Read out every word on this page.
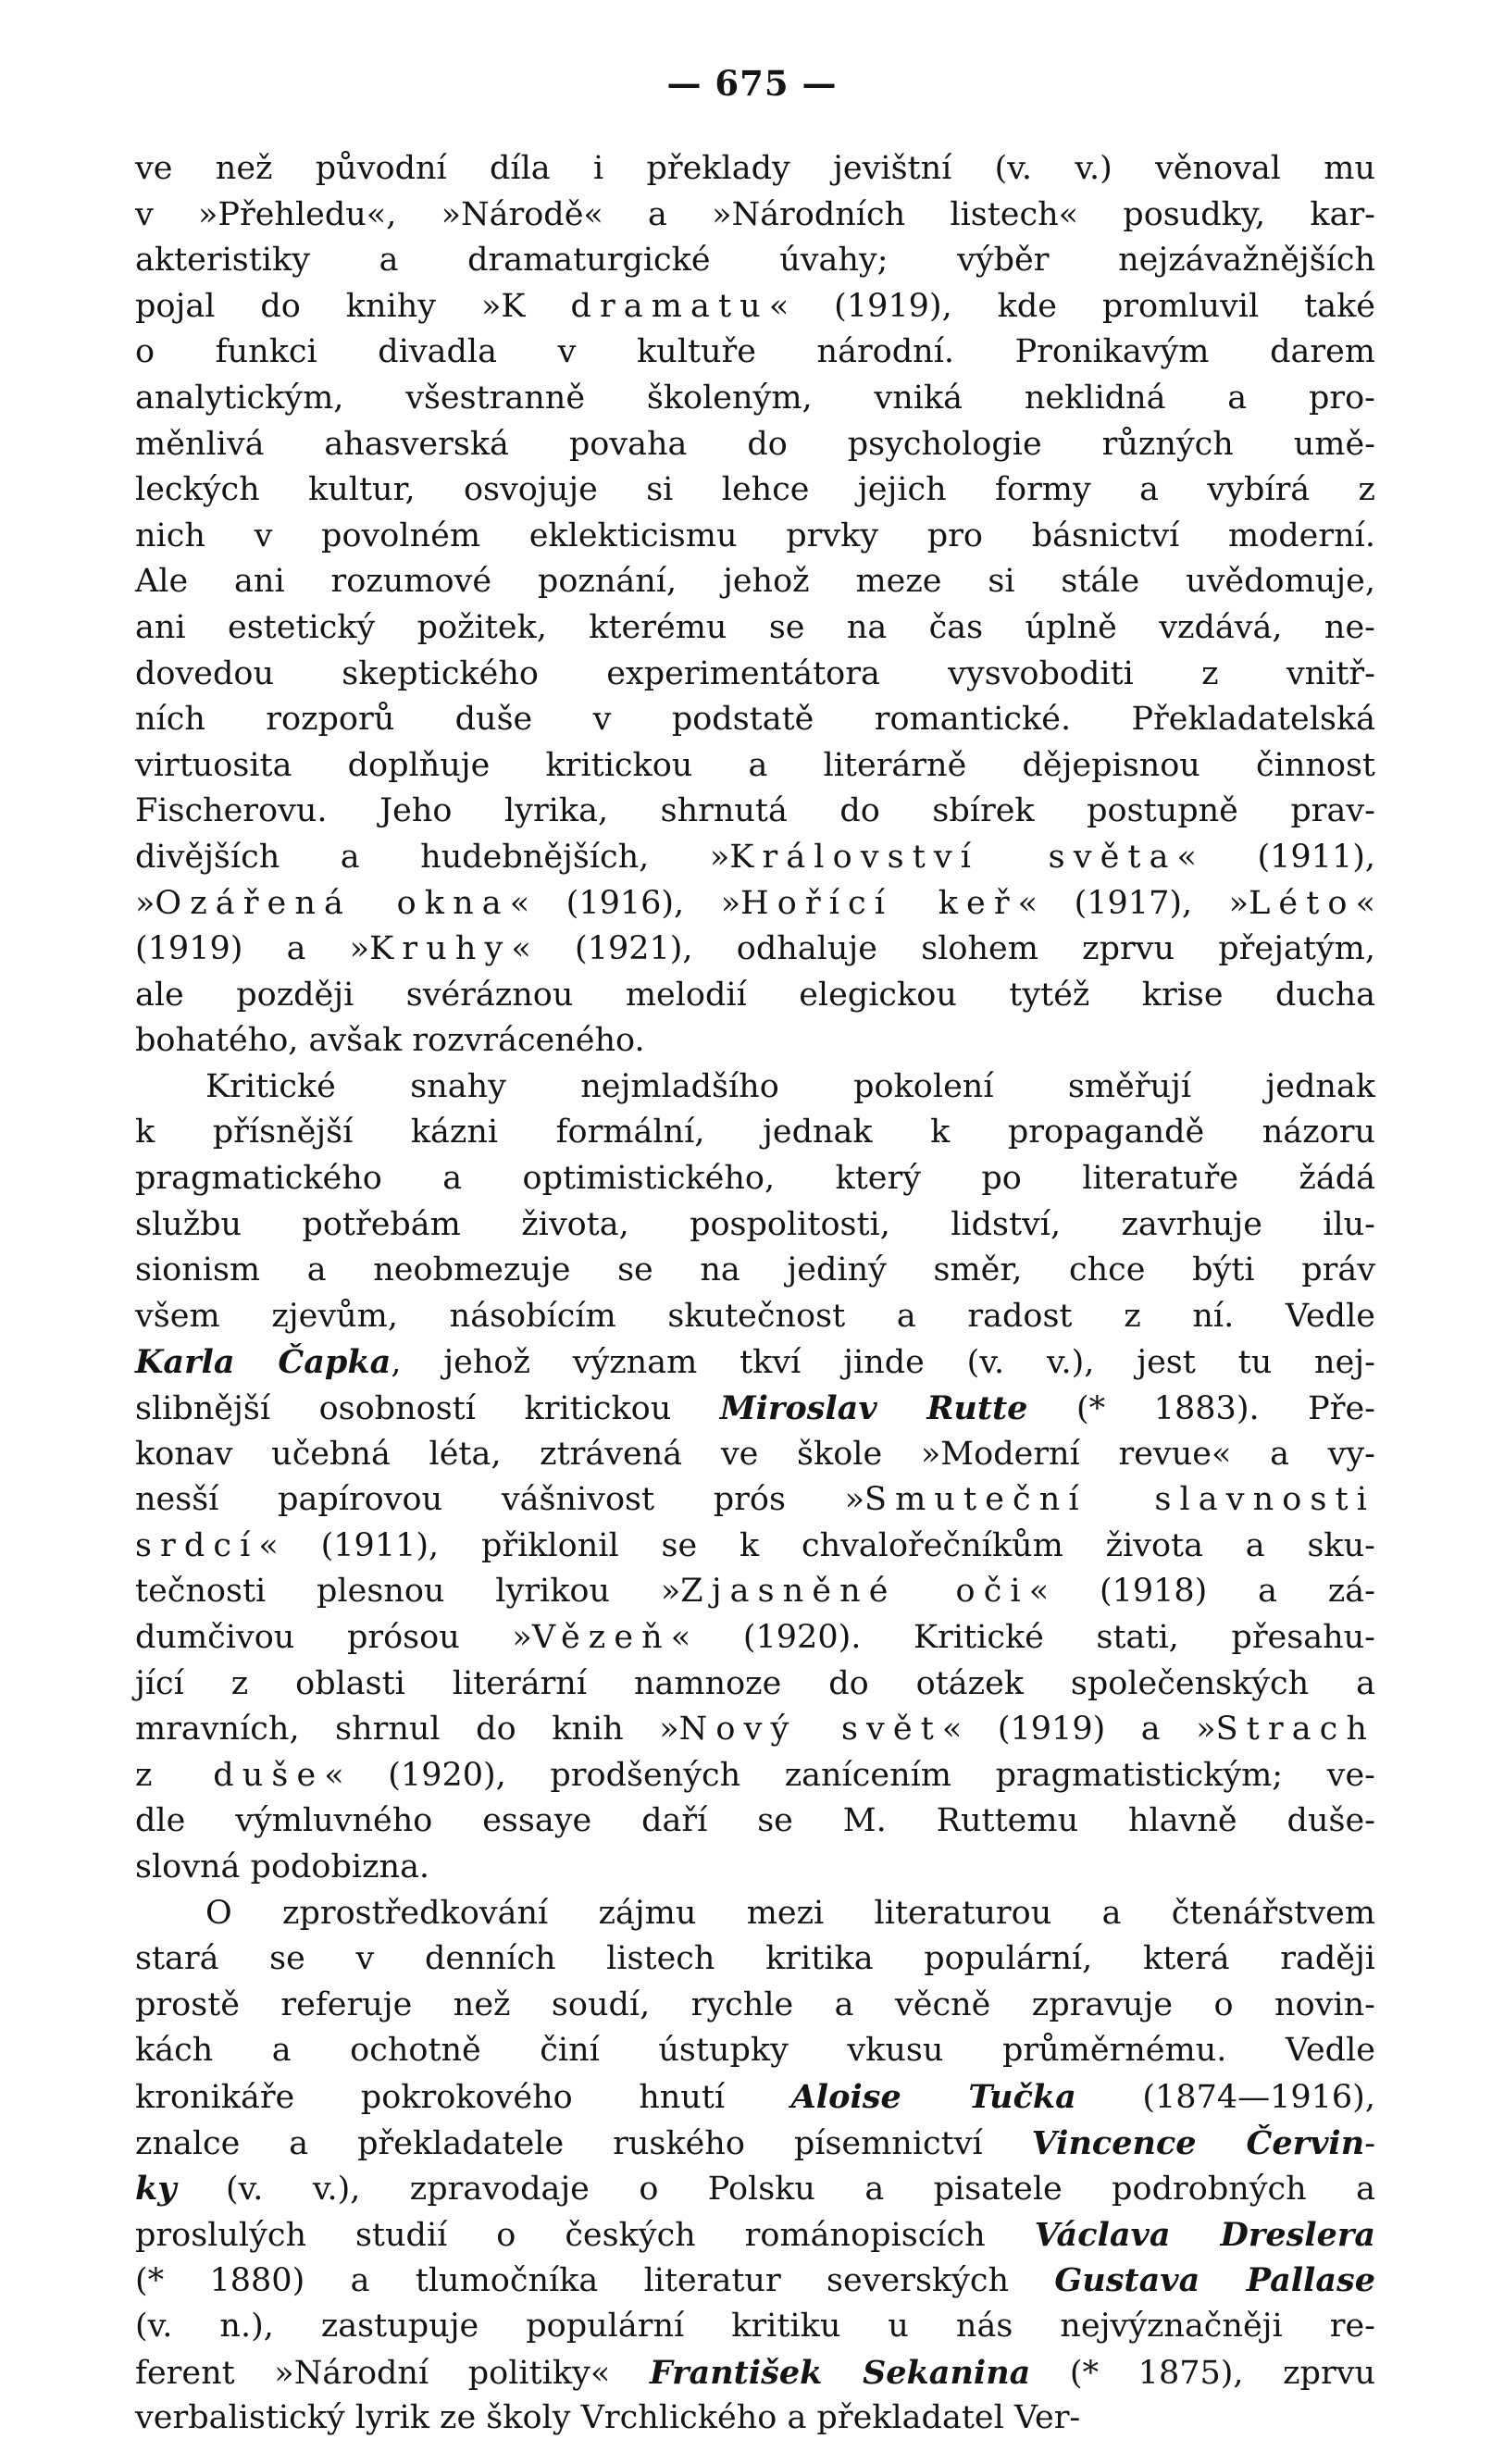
— 675 —
ve než původní díla i překlady jevištní (v. v.) věnoval mu
v »Přehledu«, »Národě« a »Národních listech« posudky, kar-
akteristiky a dramaturgické úvahy; výběr nejzávažnějších
pojal do knihy »K dramatu« (1919), kde promluvil také
o funkci divadla v kultuře národní. Pronikavým darem
analytickým, všestranně školeným, vniká neklidná a pro-
měnlivá ahasverská povaha do psychologie různých umě-
leckých kultur, osvojuje si lehce jejich formy a vybírá z
nich v povolném eklekticismu prvky pro básnictví moderní.
Ale ani rozumové poznání, jehož meze si stále uvědomuje,
ani estetický požitek, kterému se na čas úplně vzdává, ne-
dovedou skeptického experimentátora vysvoboditi z vnitř-
ních rozporů duše v podstatě romantické. Překladatelská
virtuosita doplňuje kritickou a literárně dějepisnou činnost
Fischerovu. Jeho lyrika, shrnutá do sbírek postupně prav-
divějších a hudebnějších, »Království světa« (1911),
»Ozářená okna« (1916), »Hořící keř« (1917), »Léto«
(1919) a »Kruhy« (1921), odhaluje slohem zprvu přejatým,
ale později svéráznou melodií elegickou tytéž krise ducha
bohatého, avšak rozvráceného.
Kritické snahy nejmladšího pokolení směřují jednak
k přísnější kázni formální, jednak k propagandě názoru
pragmatického a optimistického, který po literatuře žádá
službu potřebám života, pospolitosti, lidství, zavrhuje ilu-
sionism a neobmezuje se na jediný směr, chce býti práv
všem zjevům, násobícím skutečnost a radost z ní. Vedle
Karla Čapka, jehož význam tkví jinde (v. v.), jest tu nej-
slibnější osobností kritickou Miroslav Rutte (* 1883). Pře-
konav učebná léta, ztrávená ve škole »Moderní revue« a vy-
nesší papírovou vášnivost prós »Smuteční slavnosti
srdcí« (1911), přiklonil se k chvalořečníkům života a sku-
tečnosti plesnou lyrikou »Zjasněné oči« (1918) a zá-
dumčivou prósou »Vězeň« (1920). Kritické stati, přesahu-
jící z oblasti literární namnoze do otázek společenských a
mravních, shrnul do knih »Nový svět« (1919) a »Strach
z duše« (1920), prodšených zanícením pragmatistickým; ve-
dle výmluvného essaye daří se M. Ruttemu hlavně duše-
slovná podobizna.
O zprostředkování zájmu mezi literaturou a čtenářstvem
stará se v denních listech kritika populární, která raději
prostě referuje než soudí, rychle a věcně zpravuje o novin-
kách a ochotně činí ústupky vkusu průměrnému. Vedle
kronikáře pokrokového hnutí Aloise Tučka (1874—1916),
znalce a překladatele ruského písemnictví Vincence Červin-
ky (v. v.), zpravodaje o Polsku a pisatele podrobných a
proslulých studií o českých románopiscích Václava Dreslera
(* 1880) a tlumočníka literatur severských Gustava Pallase
(v. n.), zastupuje populární kritiku u nás nejvýznačněji re-
ferent »Národní politiky« František Sekanina (* 1875), zprvu
verbalistický lyrik ze školy Vrchlického a překladatel Ver-
